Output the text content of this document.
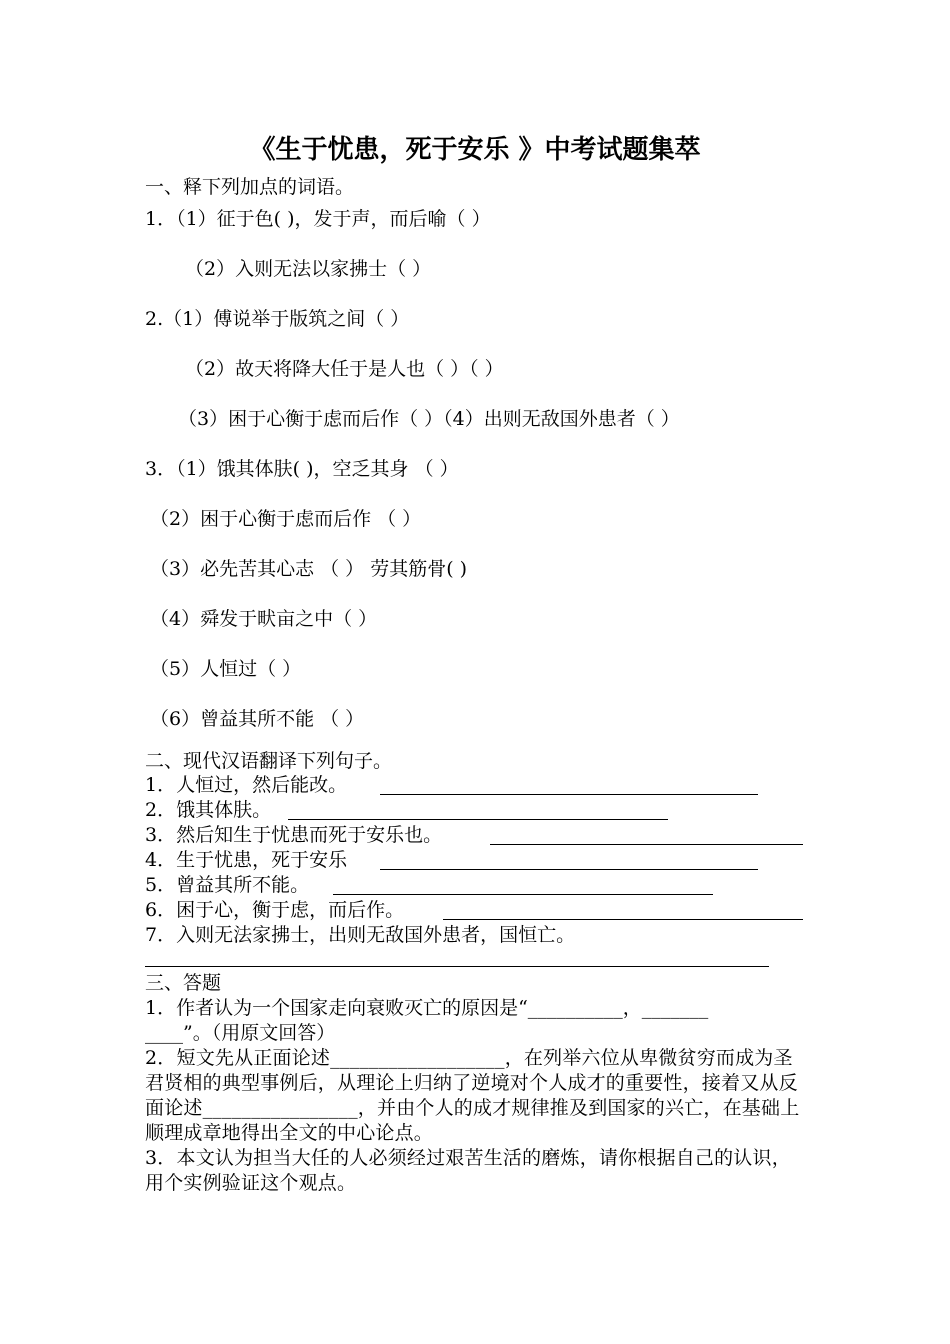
《生于忧患，死于安乐 》中考试题集萃
一、释下列加点的词语。
1．（1）征于色( )，发于声，而后喻（ ）
（2）入则无法以家拂士（ ）
2.（1）傅说举于版筑之间（ ）
（2）故天将降大任于是人也（ ）（ ）
（3）困于心衡于虑而后作（ ）（4）出则无敌国外患者（ ）
3．（1）饿其体肤( )，空乏其身 （ ）
（2）困于心衡于虑而后作 （ ）
（3）必先苦其心志 （ ） 劳其筋骨( )
（4）舜发于畎亩之中（ ）
（5）人恒过（ ）
（6）曾益其所不能 （ ）
二、现代汉语翻译下列句子。
1．人恒过，然后能改。
2．饿其体肤。
3．然后知生于忧患而死于安乐也。
4．生于忧患，死于安乐
5．曾益其所不能。
6．困于心，衡于虑，而后作。
7．入则无法家拂士，出则无敌国外患者，国恒亡。
三、答题
1．作者认为一个国家走向衰败灭亡的原因是“__________，_______
____”。（用原文回答）
2．短文先从正面论述__________________，在列举六位从卑微贫穷而成为圣君贤相的典型事例后，从理论上归纳了逆境对个人成才的重要性，接着又从反面论述________________，并由个人的成才规律推及到国家的兴亡，在基础上顺理成章地得出全文的中心论点。
3．本文认为担当大任的人必须经过艰苦生活的磨炼，请你根据自己的认识，用个实例验证这个观点。
